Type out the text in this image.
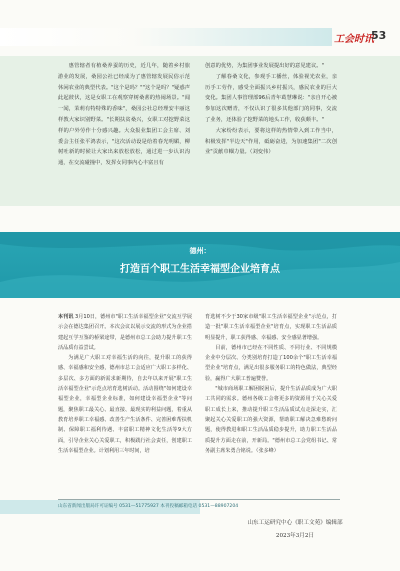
工会时讯
53

惠管辖者有植桑养蚕的历史，近几年，随着乡村旅游业的发展，桑园公社已经成为了惠管辖发展民俗示范休闲农业的典型代表。"这个是吗？""这个是吗？"疑惑声此起彼伏，这是女职工在观察穿树桑葚的热闹场景。"闻一闻，茉莉有特特殊的香味"，桑园公社总经理安丰丽这样教大家识别野菜。"长期扶贫桑兴，女职工对挖野菜这样的户外劳作十分感兴趣。大众报业集团工会主席、刘委会主任张平鸿表示，"这次活动设是给着春光明媚，柳树吐新的时候让大家出来放松放松，通过进一步认识沟通，在交流碰撞中，发挥女同事内心丰富且有

创意的优势，为集团事业发展提出好的意见建议。"

了解春桑文化，参观手工播丝，体验视光农业，亲历手工劳作，感受全面振兴乡村振兴，感民农业的巨大变化。集团人事管理部96后青年葛慧琳说："亲自开心被参加这次赠青，不仅认识了很多其他部门的同事，交流了业务，还体验了挖野菜的地头工作，收获颇丰。"

大家纷纷表示，要将这样的热情带入到工作当中，积极发挥"半边天"作用，砥砺奋进，为加速集团"二次创业"贡献巾帼力量。（刘变伟）

德州：
打造百个职工生活幸福型企业培育点

本刊讯 3月10日，德州市"职工生活幸福型企业"交流互学展示会在德达集团召开。本次会议以展示交流的形式为企业搭建起互学互鉴的桥梁途带，是德州市总工会助力提升职工生活品质有益尝试。

为满足广大职工对幸福生活的向往，提升职工的获得感、幸福感和安全感，德州市总工会适应广大职工多样化、多层次、多方面的新需求新期待，自去年以来开展"职工生活幸福型企业"示范点培育选树活动。活动围绕"如何建设幸福型企业，幸福型企业标准，如何建设幸福型企业"等问题，聚焦职工最关心、最直接、最现实的利益问题，着重从教育培养职工幸福感、改善生产生活条件、完善困难帮扶机制、保障职工福利待遇、丰富职工精神文化生活等9大方面，引导企业关心关爱职工，积极践行社会责任，创建职工生活幸福型企业。计划利用三年时间，培

育选树不少于30家市级"职工生活幸福型企业"示范点，打造一批"职工生活幸福型企业"培育点，实现职工生活品质明显提升，职工获得感、幸福感、安全感显著增强。

目前，德州市已经在不同性质、不同行业、不同规模企业中分层次、分类别培育打造了100余个"职工生活幸福型企业"培育点，满足出很多服务职工的特色做法，典型经验，赢得广大职工普遍赞誉。

"城市商场职工解困脱困后，提升生活品质成为广大职工共同的需求。德州各级工会将更多的资源用于关心关爱职工成长上来，推动提升职工生活品质试点走深走实，汇聚起关心关爱职工的强大资源，帮助职工解决急难愁盼问题，使得教进和职工生活品质稳步提升，助力职工生活品质提升方面走在前，开新局。"德州市总工会党组书记、常务副主席朱勇合铭说。（张多峰）

山东省新闻出版局许可证编号 0531—51775927 本刊投稿邮箱电话 0531—88907204
山东工运研究中心《职工文苑》编辑部
2023年3月2日
